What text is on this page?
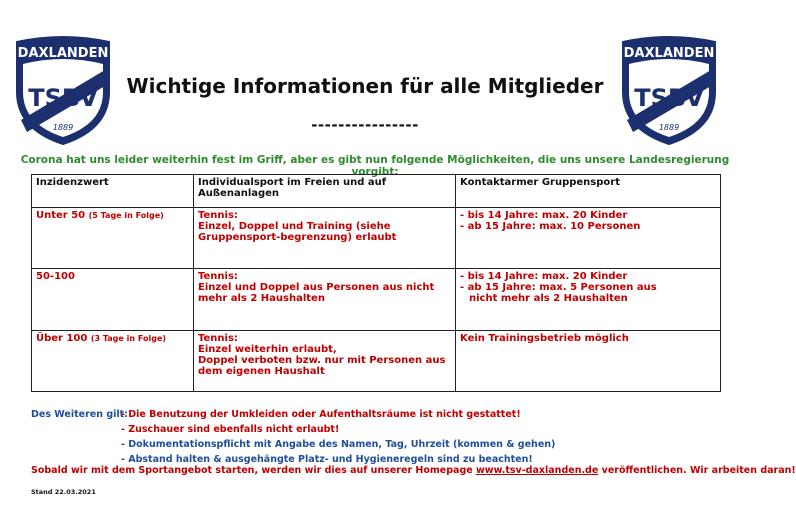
DAXLANDEN
TSBV
1889
DAXLANDEN
TSBV
1889
Wichtige Informationen für alle Mitglieder
----------------
Corona hat uns leider weiterhin fest im Griff, aber es gibt nun folgende Möglichkeiten, die uns unsere Landesregierung vorgibt:
Inzidenzwert	Individualsport im Freien und auf Außenanlagen	Kontaktarmer Gruppensport
Unter 50 (5 Tage in Folge)	Tennis:
Einzel, Doppel und Training (siehe Gruppensport-begrenzung) erlaubt	- bis 14 Jahre: max. 20 Kinder
- ab 15 Jahre: max. 10 Personen

50-100	Tennis:
Einzel und Doppel aus Personen aus nicht mehr als 2 Haushalten	- bis 14 Jahre: max. 20 Kinder
- ab 15 Jahre: max. 5 Personen aus
nicht mehr als 2 Haushalten

Über 100 (3 Tage in Folge)	Tennis:
Einzel weiterhin erlaubt,
Doppel verboten bzw. nur mit Personen aus dem eigenen Haushalt	Kein Trainingsbetrieb möglich
Des Weiteren gilt:
- Die Benutzung der Umkleiden oder Aufenthaltsräume ist nicht gestattet!
- Zuschauer sind ebenfalls nicht erlaubt!
- Dokumentationspflicht mit Angabe des Namen, Tag, Uhrzeit (kommen & gehen)
- Abstand halten & ausgehängte Platz- und Hygieneregeln sind zu beachten!
Sobald wir mit dem Sportangebot starten, werden wir dies auf unserer Homepage www.tsv-daxlanden.de veröffentlichen. Wir arbeiten daran!
Stand 22.03.2021
